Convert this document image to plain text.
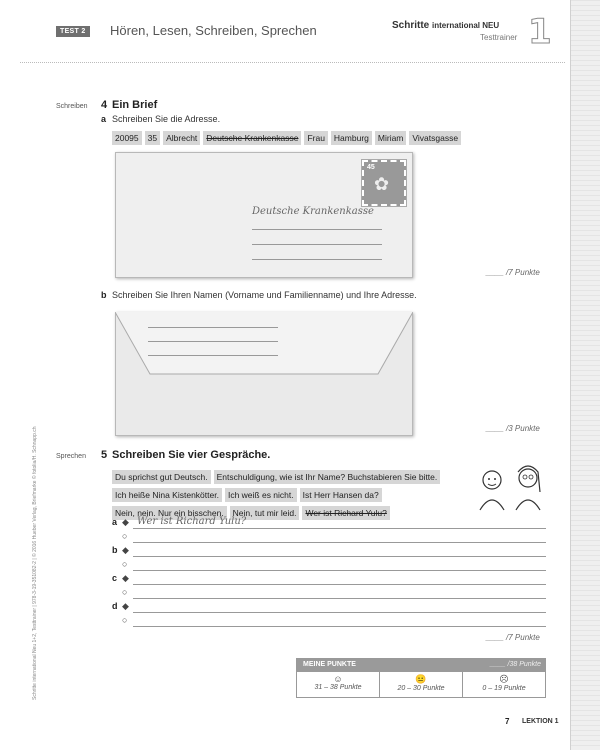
TEST 2	Hören, Lesen, Schreiben, Sprechen	Schritte international NEU
Testtrainer 1
Schritte international Neu 1+2, Testtrainer | 978-3-19-351082-2 | © 2016 Hueber Verlag, Briefmarke © fotolia/H. Schnapp.ch
Schreiben 4 Ein Brief
a Schreiben Sie die Adresse.
20095	35	Albrecht	Deutsche Krankenkasse	Frau	Hamburg	Miriam	Vivatsgasse
45
✿
Deutsche Krankenkasse
____ /7 Punkte
b Schreiben Sie Ihren Namen (Vorname und Familienname) und Ihre Adresse.
____ /3 Punkte
Sprechen 5 Schreiben Sie vier Gespräche.
Du sprichst gut Deutsch.	Entschuldigung, wie ist Ihr Name? Buchstabieren Sie bitte.
Ich heiße Nina Kistenkötter.	Ich weiß es nicht.	Ist Herr Hansen da?
Nein, nein. Nur ein bisschen.	Nein, tut mir leid.	Wer ist Richard Yulu?
a ◆ Wer ist Richard Yulu?
○
b ◆
○
c ◆
○
d ◆
○
____ /7 Punkte
MEINE PUNKTE	____ /38 Punkte
☺
31 – 38 Punkte
😐
20 – 30 Punkte
☹
0 – 19 Punkte
7 LEKTION 1
